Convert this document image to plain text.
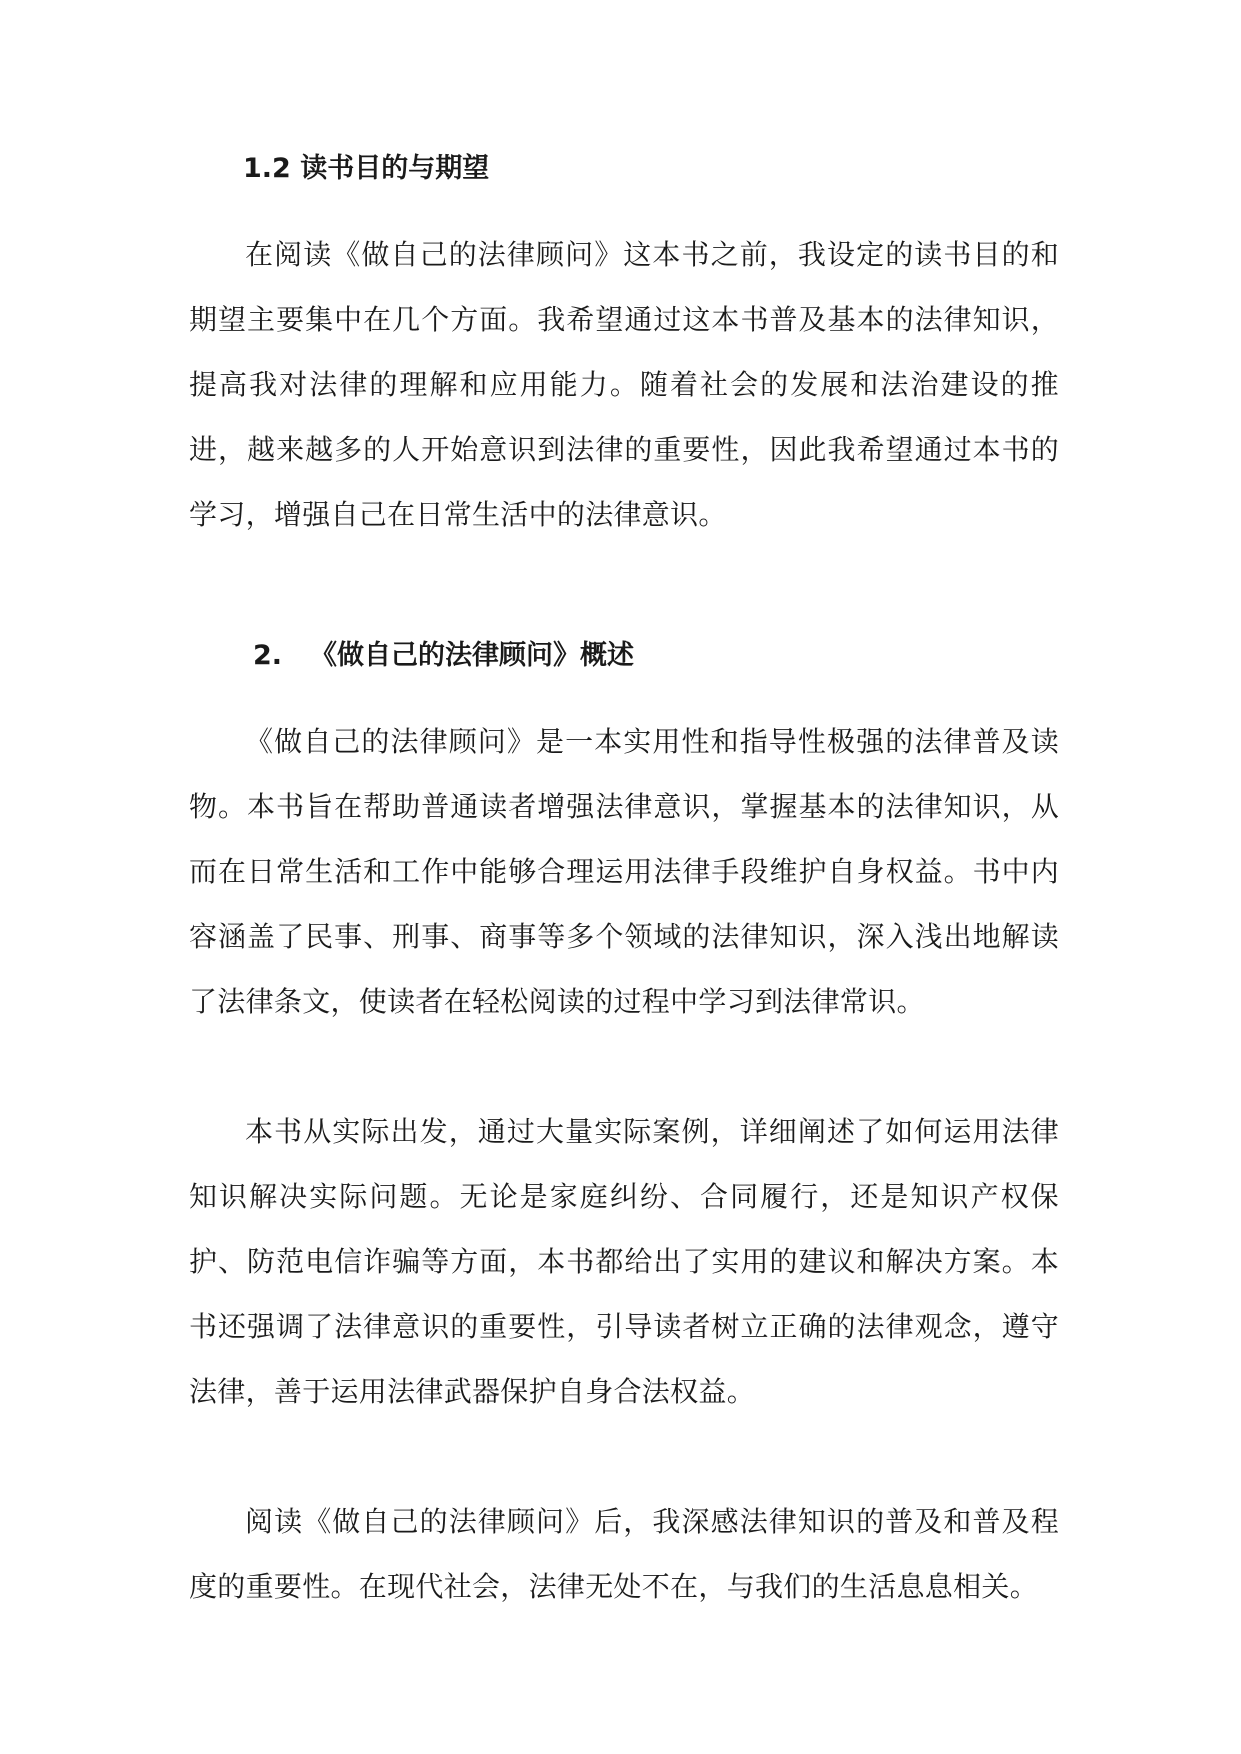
1.2 读书目的与期望

在阅读《做自己的法律顾问》这本书之前，我设定的读书目的和期望主要集中在几个方面。我希望通过这本书普及基本的法律知识，提高我对法律的理解和应用能力。随着社会的发展和法治建设的推进，越来越多的人开始意识到法律的重要性，因此我希望通过本书的学习，增强自己在日常生活中的法律意识。

2. 《做自己的法律顾问》概述

《做自己的法律顾问》是一本实用性和指导性极强的法律普及读物。本书旨在帮助普通读者增强法律意识，掌握基本的法律知识，从而在日常生活和工作中能够合理运用法律手段维护自身权益。书中内容涵盖了民事、刑事、商事等多个领域的法律知识，深入浅出地解读了法律条文，使读者在轻松阅读的过程中学习到法律常识。

本书从实际出发，通过大量实际案例，详细阐述了如何运用法律知识解决实际问题。无论是家庭纠纷、合同履行，还是知识产权保护、防范电信诈骗等方面，本书都给出了实用的建议和解决方案。本书还强调了法律意识的重要性，引导读者树立正确的法律观念，遵守法律，善于运用法律武器保护自身合法权益。

阅读《做自己的法律顾问》后，我深感法律知识的普及和普及程度的重要性。在现代社会，法律无处不在，与我们的生活息息相关。
